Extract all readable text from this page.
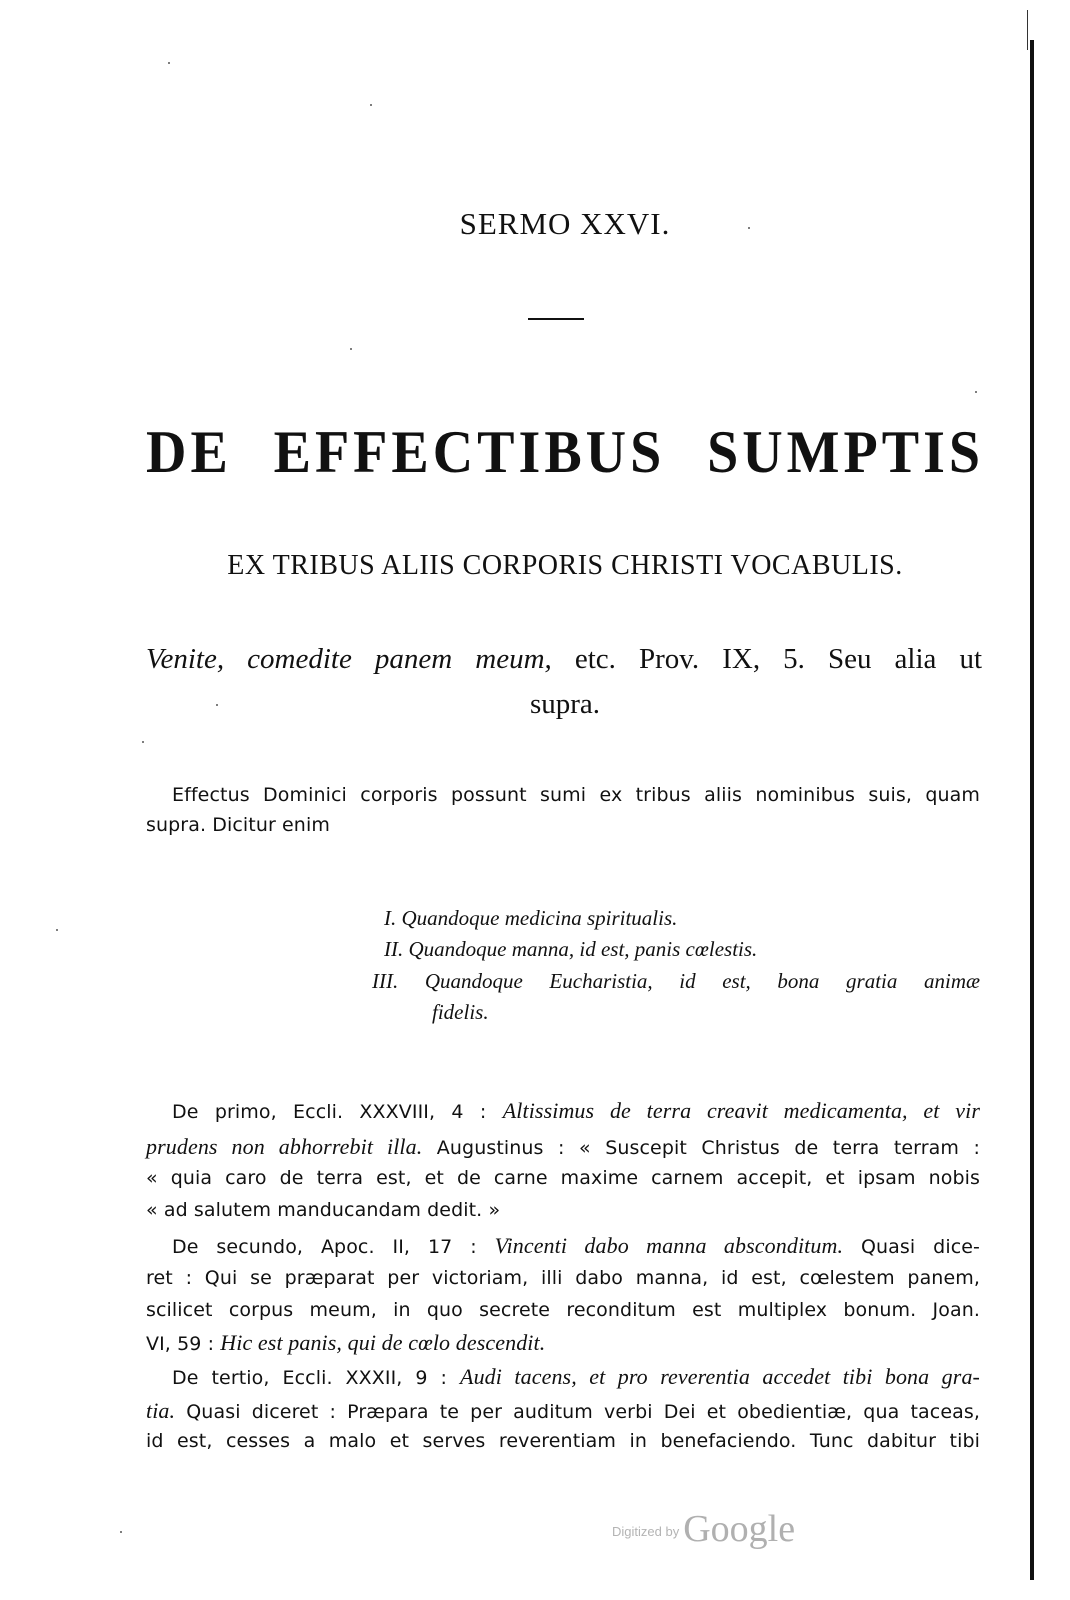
SERMO XXVI.
DE EFFECTIBUS SUMPTIS
EX TRIBUS ALIIS CORPORIS CHRISTI VOCABULIS.
Venite, comedite panem meum, etc. Prov. IX, 5. Seu alia ut
supra.
Effectus Dominici corporis possunt sumi ex tribus aliis nominibus suis, quam
supra. Dicitur enim
I. Quandoque medicina spiritualis.
II. Quandoque manna, id est, panis cœlestis.
III. Quandoque Eucharistia, id est, bona gratia animæ
fidelis.
De primo, Eccli. XXXVIII, 4 : Altissimus de terra creavit medicamenta, et vir
prudens non abhorrebit illa. Augustinus : « Suscepit Christus de terra terram :
« quia caro de terra est, et de carne maxime carnem accepit, et ipsam nobis
« ad salutem manducandam dedit. »
De secundo, Apoc. II, 17 : Vincenti dabo manna absconditum. Quasi dice-
ret : Qui se præparat per victoriam, illi dabo manna, id est, cœlestem panem,
scilicet corpus meum, in quo secrete reconditum est multiplex bonum. Joan.
VI, 59 : Hic est panis, qui de cœlo descendit.
De tertio, Eccli. XXXII, 9 : Audi tacens, et pro reverentia accedet tibi bona gra-
tia. Quasi diceret : Præpara te per auditum verbi Dei et obedientiæ, qua taceas,
id est, cesses a malo et serves reverentiam in benefaciendo. Tunc dabitur tibi
Digitized by Google
